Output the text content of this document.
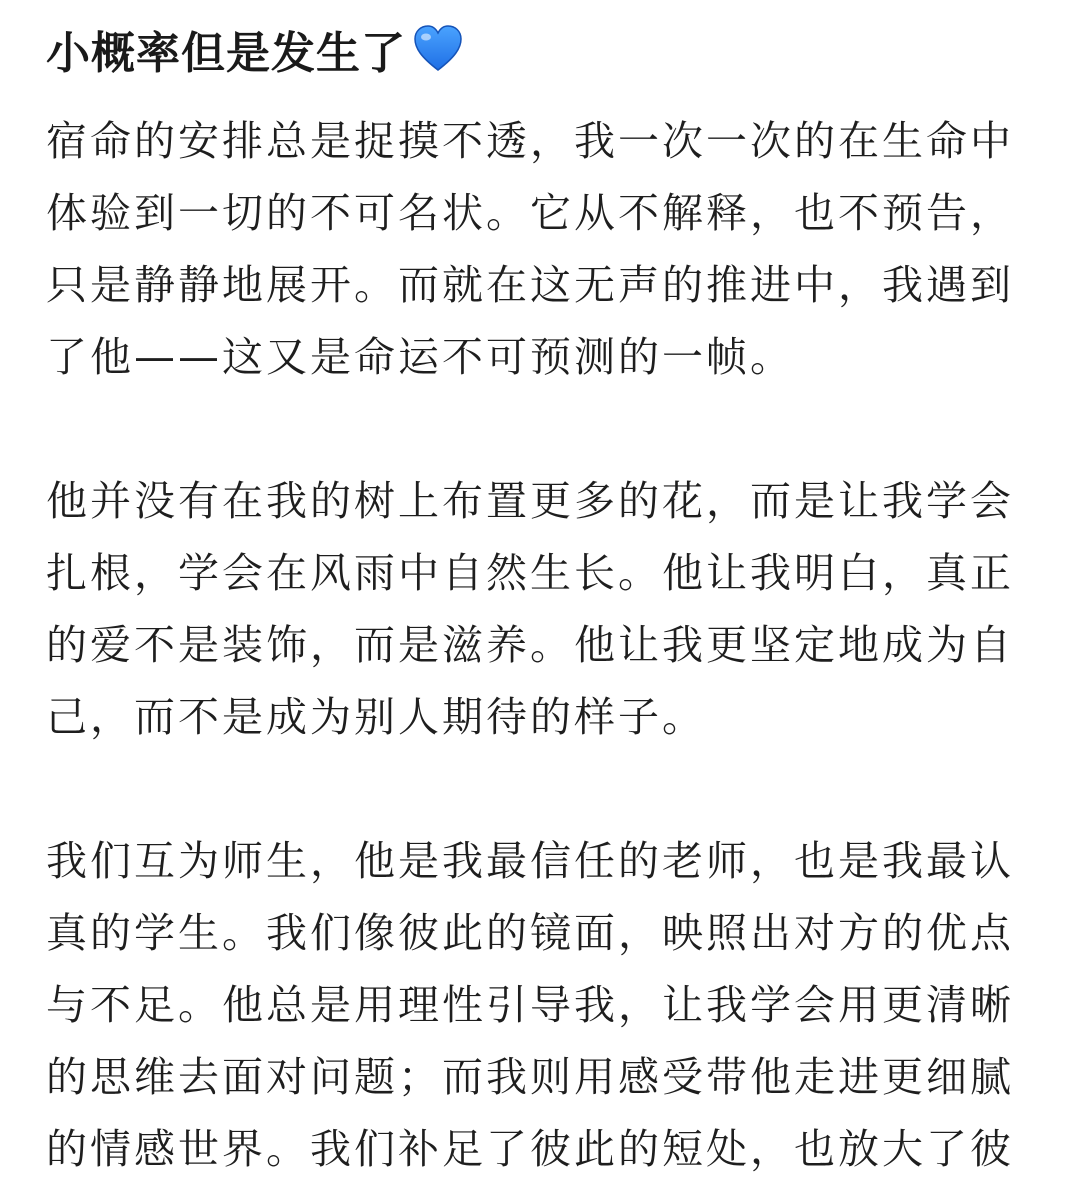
小概率但是发生了

宿命的安排总是捉摸不透，我一次一次的在生命中
体验到一切的不可名状。它从不解释，也不预告，
只是静静地展开。而就在这无声的推进中，我遇到
了他——这又是命运不可预测的一帧。

他并没有在我的树上布置更多的花，而是让我学会
扎根，学会在风雨中自然生长。他让我明白，真正
的爱不是装饰，而是滋养。他让我更坚定地成为自
己，而不是成为别人期待的样子。

我们互为师生，他是我最信任的老师，也是我最认
真的学生。我们像彼此的镜面，映照出对方的优点
与不足。他总是用理性引导我，让我学会用更清晰
的思维去面对问题；而我则用感受带他走进更细腻
的情感世界。我们补足了彼此的短处，也放大了彼
